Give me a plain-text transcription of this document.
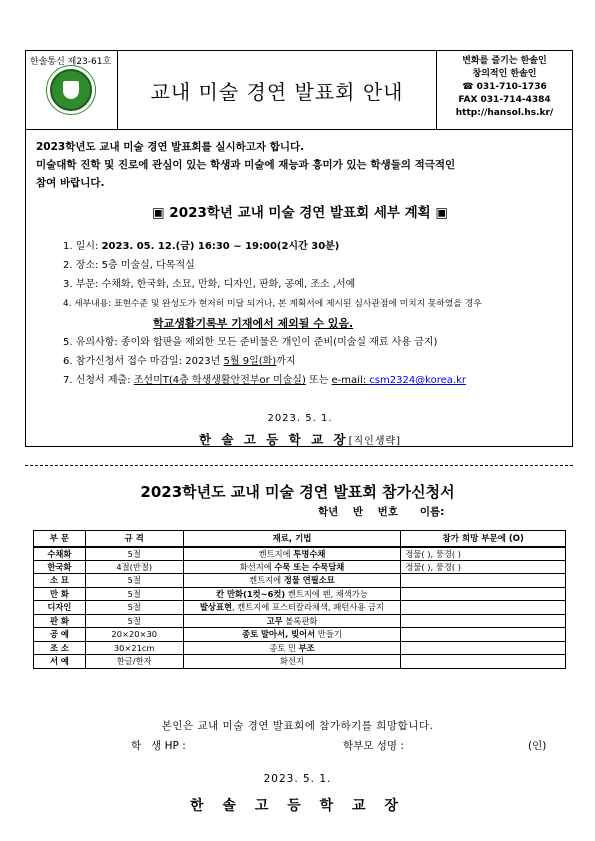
한솔통신 제23-61호
교내 미술 경연 발표회 안내
변화를 즐기는 한솔인
창의적인 한솔인
☎ 031-710-1736
FAX 031-714-4384
http://hansol.hs.kr/
2023학년도 교내 미술 경연 발표회를 실시하고자 합니다.
미술대학 진학 및 진로에 관심이 있는 학생과 미술에 재능과 흥미가 있는 학생들의 적극적인
참여 바랍니다.
▣ 2023학년 교내 미술 경연 발표회 세부 계획 ▣
1. 일시: 2023. 05. 12.(금) 16:30 ~ 19:00(2시간 30분)
2. 장소: 5층 미술실, 다목적실
3. 부문: 수채화, 한국화, 소묘, 만화, 디자인, 판화, 공예, 조소 ,서예
4. 세부내용: 표현수준 및 완성도가 현저히 미달 되거나, 본 계획서에 제시된 심사관점에 미치지 못하였을 경우
학교생활기록부 기재에서 제외될 수 있음.
5. 유의사항: 종이와 합판을 제외한 모든 준비물은 개인이 준비(미술실 재료 사용 금지)
6. 참가신청서 접수 마감일: 2023년 5월 9일(화)까지
7. 신청서 제출: 조선미T(4층 학생생활안전부or 미술실) 또는 e-mail: csm2324@korea.kr
2023. 5. 1.
한 솔 고 등 학 교 장[직인생략]
2023학년도 교내 미술 경연 발표회 참가신청서
학년    반    번호      이름:
부 문	규 격	재료, 기법	참가 희망 부문에 (O)
수채화	5절	켄트지에 투명수채	정물( ), 풍경( )
한국화	4절(반절)	화선지에 수묵 또는 수묵담채	정물( ), 풍경( )
소 묘	5절	켄트지에 정물 연필소묘	
만 화	5절	칸 만화(1컷~6컷) 켄트지에 펜, 채색가능	
디자인	5절	발상표현, 캔트지에 포스터칼라채색, 패턴사용 금지	
판 화	5절	고무 볼록판화	
공 예	20×20×30	종토 말아서, 빚어서 만들기	
조 소	30×21cm	종토 민 부조	
서 예	한글/한자	화선지	
본인은 교내 미술 경연 발표회에 참가하기를 희망합니다.
학   생 HP :	학부모 성명 :	(인)
2023. 5. 1.
한 솔 고 등 학 교 장
